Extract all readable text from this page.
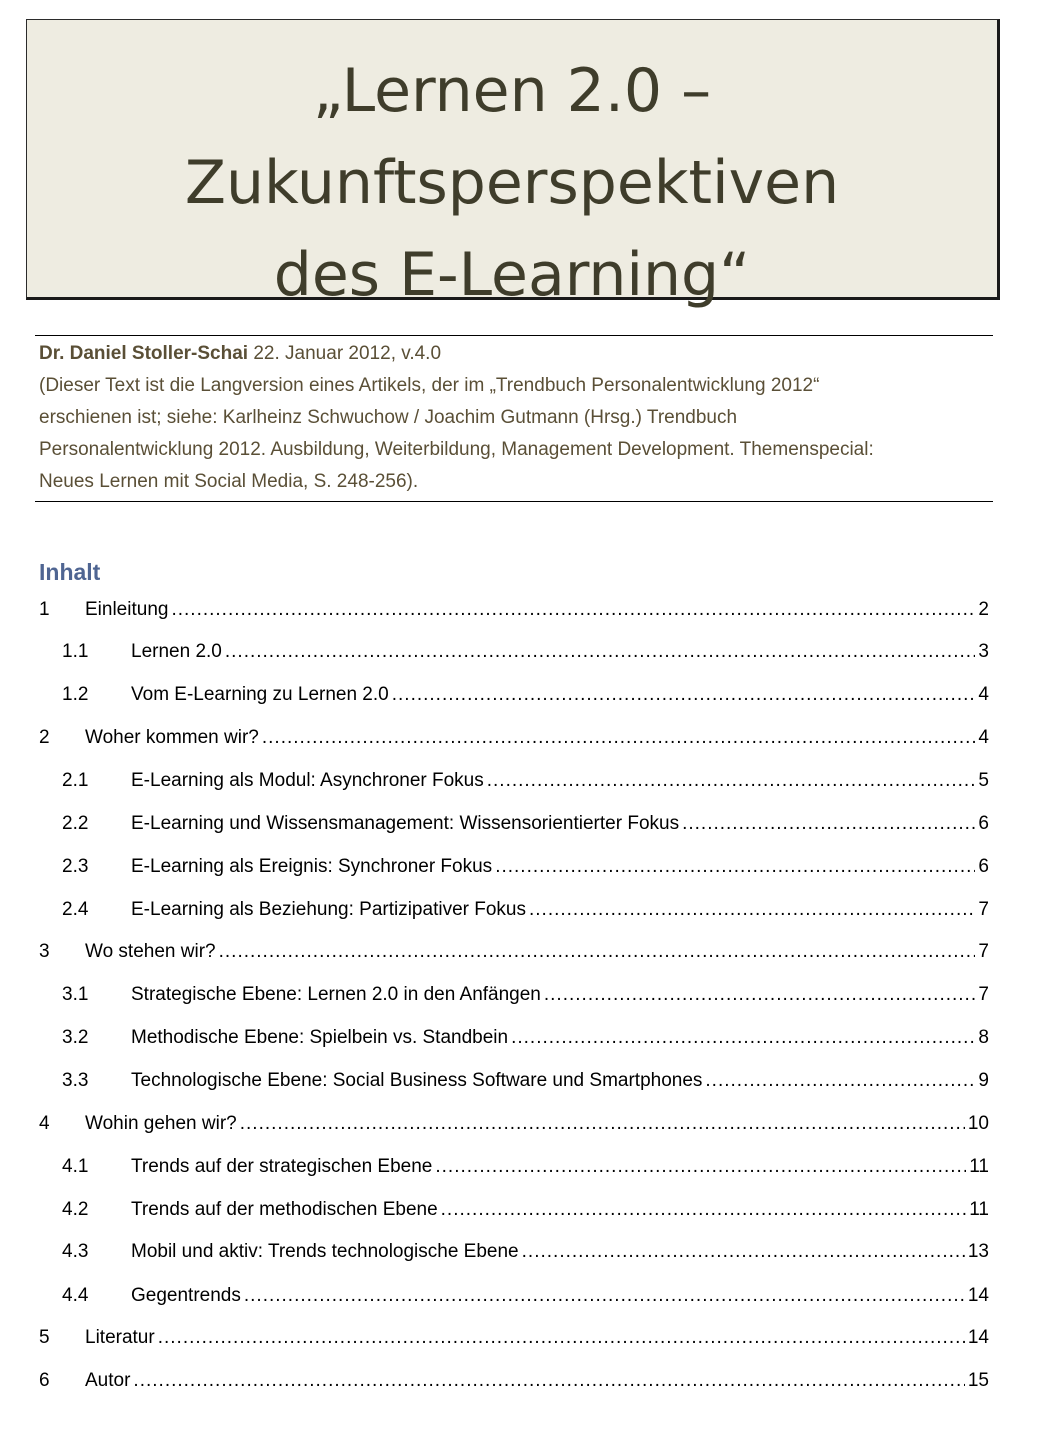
„Lernen 2.0 –
Zukunftsperspektiven
des E-Learning“
Dr. Daniel Stoller-Schai 22. Januar 2012, v.4.0
(Dieser Text ist die Langversion eines Artikels, der im „Trendbuch Personalentwicklung 2012“
erschienen ist; siehe: Karlheinz Schwuchow / Joachim Gutmann (Hrsg.) Trendbuch
Personalentwicklung 2012. Ausbildung, Weiterbildung, Management Development. Themenspecial:
Neues Lernen mit Social Media, S. 248-256).
Inhalt
1 Einleitung .....	2
1.1 Lernen 2.0 .....	3
1.2 Vom E-Learning zu Lernen 2.0 .....	4
2 Woher kommen wir? .....	4
2.1 E-Learning als Modul: Asynchroner Fokus .....	5
2.2 E-Learning und Wissensmanagement: Wissensorientierter Fokus .....	6
2.3 E-Learning als Ereignis: Synchroner Fokus .....	6
2.4 E-Learning als Beziehung: Partizipativer Fokus .....	7
3 Wo stehen wir? .....	7
3.1 Strategische Ebene: Lernen 2.0 in den Anfängen .....	7
3.2 Methodische Ebene: Spielbein vs. Standbein .....	8
3.3 Technologische Ebene: Social Business Software und Smartphones .....	9
4 Wohin gehen wir? .....	10
4.1 Trends auf der strategischen Ebene .....	11
4.2 Trends auf der methodischen Ebene .....	11
4.3 Mobil und aktiv: Trends technologische Ebene .....	13
4.4 Gegentrends .....	14
5 Literatur .....	14
6 Autor .....	15
